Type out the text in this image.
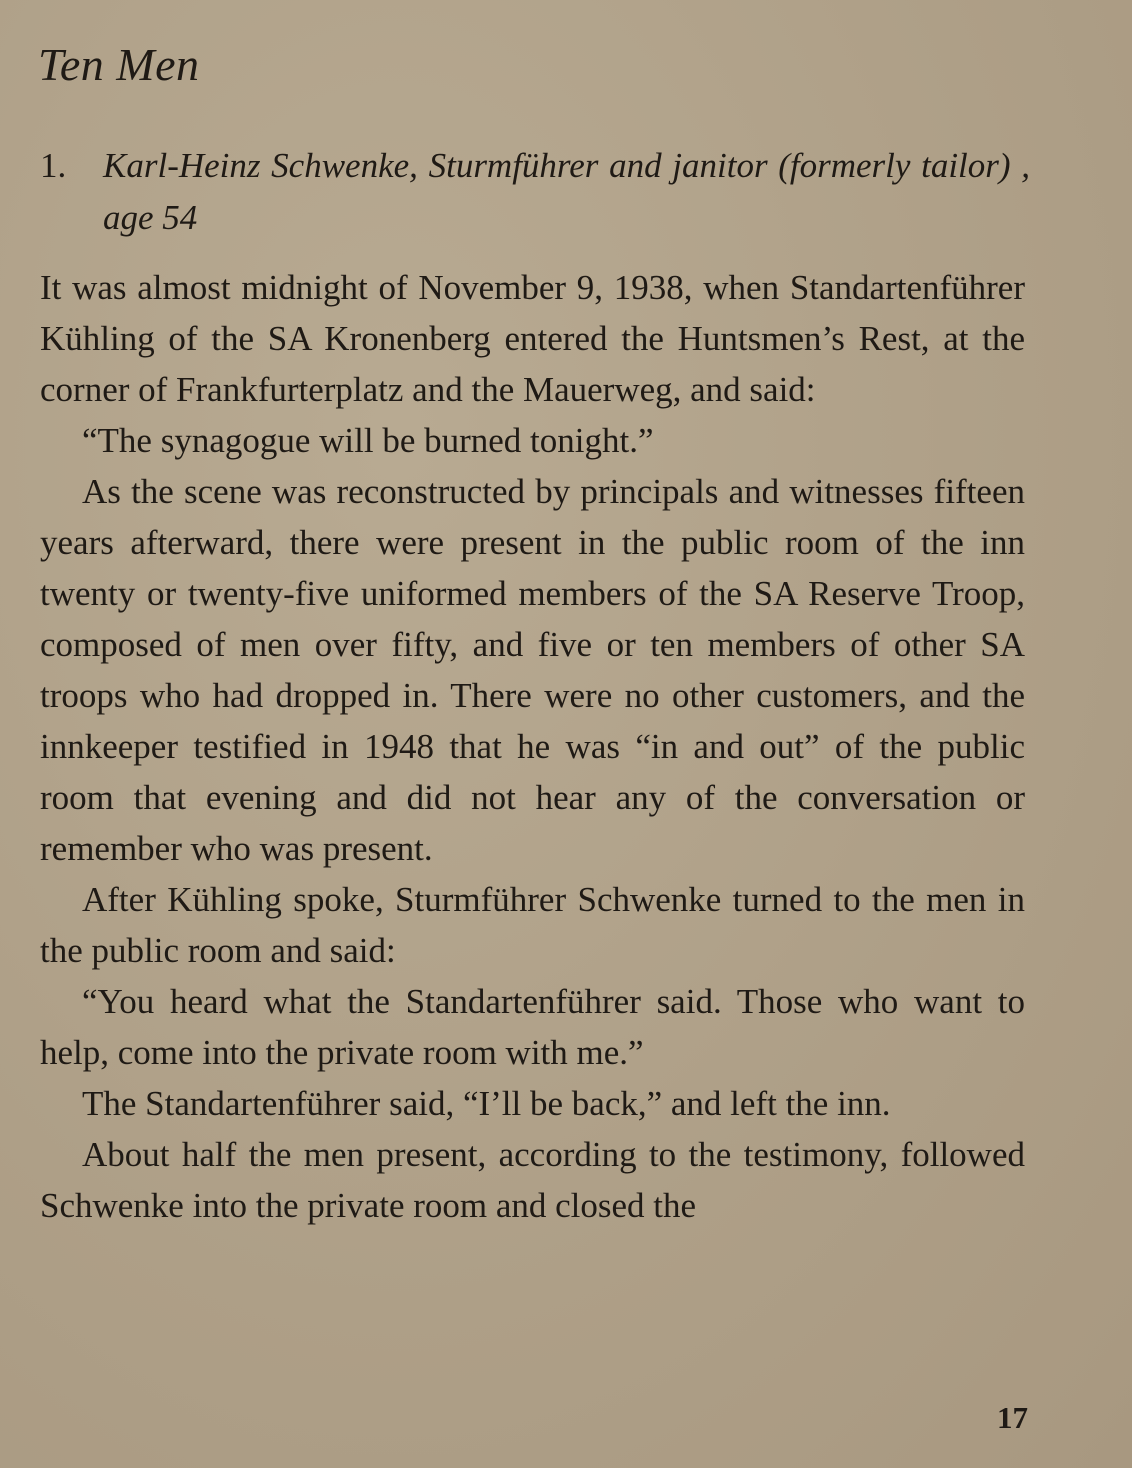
Ten Men
1. Karl-Heinz Schwenke, Sturmführer and janitor (formerly tailor) , age 54

It was almost midnight of November 9, 1938, when Standartenführer Kühling of the SA Kronenberg entered the Huntsmen’s Rest, at the corner of Frankfurterplatz and the Mauerweg, and said:

“The synagogue will be burned tonight.”

As the scene was reconstructed by principals and witnesses fifteen years afterward, there were present in the public room of the inn twenty or twenty-five uniformed members of the SA Reserve Troop, composed of men over fifty, and five or ten members of other SA troops who had dropped in. There were no other customers, and the innkeeper testified in 1948 that he was “in and out” of the public room that evening and did not hear any of the conversation or remember who was present.

After Kühling spoke, Sturmführer Schwenke turned to the men in the public room and said:

“You heard what the Standartenführer said. Those who want to help, come into the private room with me.”

The Standartenführer said, “I’ll be back,” and left the inn.

About half the men present, according to the testimony, followed Schwenke into the private room and closed the

17
